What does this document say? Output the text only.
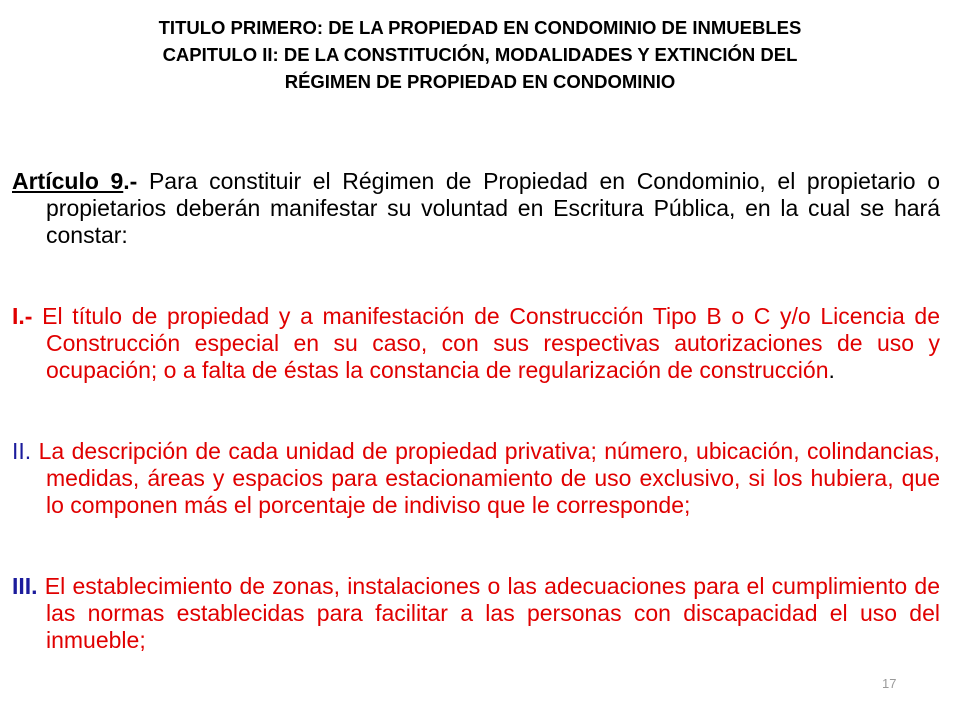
TITULO PRIMERO: DE LA PROPIEDAD EN CONDOMINIO DE INMUEBLES
CAPITULO II: DE LA CONSTITUCIÓN, MODALIDADES Y EXTINCIÓN DEL
RÉGIMEN DE PROPIEDAD EN CONDOMINIO

Artículo 9.- Para constituir el Régimen de Propiedad en Condominio, el propietario o propietarios deberán manifestar su voluntad en Escritura Pública, en la cual se hará constar:

I.- El título de propiedad y a manifestación de Construcción Tipo B o C y/o Licencia de Construcción especial en su caso, con sus respectivas autorizaciones de uso y ocupación; o a falta de éstas la constancia de regularización de construcción.

II. La descripción de cada unidad de propiedad privativa; número, ubicación, colindancias, medidas, áreas y espacios para estacionamiento de uso exclusivo, si los hubiera, que lo componen más el porcentaje de indiviso que le corresponde;

III. El establecimiento de zonas, instalaciones o las adecuaciones para el cumplimiento de las normas establecidas para facilitar a las personas con discapacidad el uso del inmueble;

17
